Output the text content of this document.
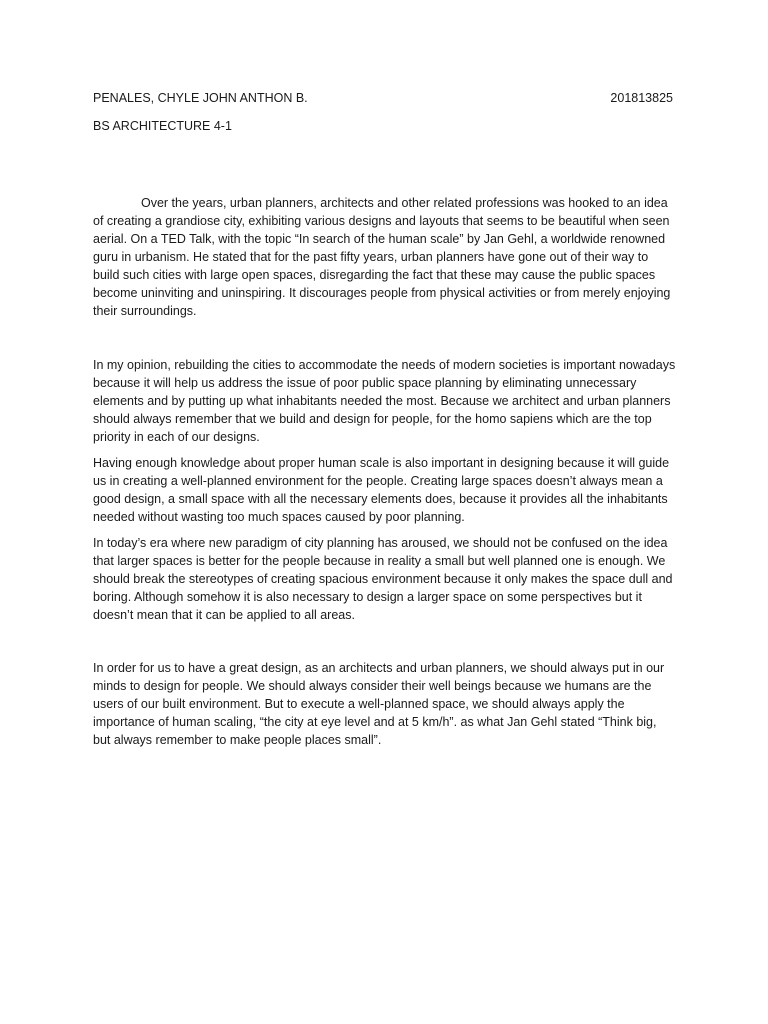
PENALES, CHYLE JOHN ANTHON B.	201813825
BS ARCHITECTURE 4-1

Over the years, urban planners, architects and other related professions was hooked to an idea of creating a grandiose city, exhibiting various designs and layouts that seems to be beautiful when seen aerial. On a TED Talk, with the topic “In search of the human scale” by Jan Gehl, a worldwide renowned guru in urbanism. He stated that for the past fifty years, urban planners have gone out of their way to build such cities with large open spaces, disregarding the fact that these may cause the public spaces become uninviting and uninspiring. It discourages people from physical activities or from merely enjoying their surroundings.

In my opinion, rebuilding the cities to accommodate the needs of modern societies is important nowadays because it will help us address the issue of poor public space planning by eliminating unnecessary elements and by putting up what inhabitants needed the most. Because we architect and urban planners should always remember that we build and design for people, for the homo sapiens which are the top priority in each of our designs.

Having enough knowledge about proper human scale is also important in designing because it will guide us in creating a well-planned environment for the people. Creating large spaces doesn’t always mean a good design, a small space with all the necessary elements does, because it provides all the inhabitants needed without wasting too much spaces caused by poor planning.

In today’s era where new paradigm of city planning has aroused, we should not be confused on the idea that larger spaces is better for the people because in reality a small but well planned one is enough. We should break the stereotypes of creating spacious environment because it only makes the space dull and boring. Although somehow it is also necessary to design a larger space on some perspectives but it doesn’t mean that it can be applied to all areas.

In order for us to have a great design, as an architects and urban planners, we should always put in our minds to design for people. We should always consider their well beings because we humans are the users of our built environment. But to execute a well-planned space, we should always apply the importance of human scaling, “the city at eye level and at 5 km/h”. as what Jan Gehl stated “Think big, but always remember to make people places small”.
